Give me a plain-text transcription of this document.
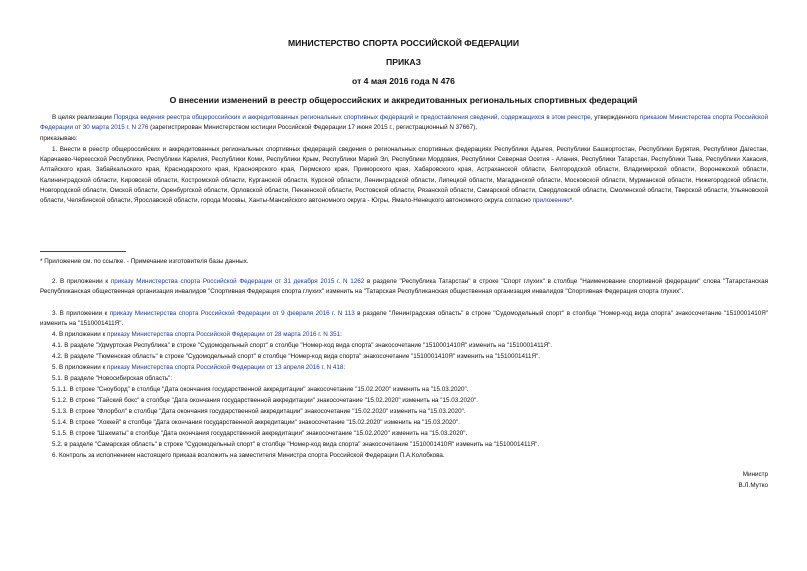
МИНИСТЕРСТВО СПОРТА РОССИЙСКОЙ ФЕДЕРАЦИИ
ПРИКАЗ
от 4 мая 2016 года N 476
О внесении изменений в реестр общероссийских и аккредитованных региональных спортивных федераций
В целях реализации Порядка ведения реестра общероссийских и аккредитованных региональных спортивных федераций и предоставления сведений, содержащихся в этом реестре, утвержденного приказом Министерства спорта Российской Федерации от 30 марта 2015 г. N 276 (зарегистрирован Министерством юстиции Российской Федерации 17 июня 2015 г., регистрационный N 37667),
приказываю:
1. Внести в реестр общероссийских и аккредитованных региональных спортивных федераций сведения о региональных спортивных федерациях Республики Адыгея, Республики Башкортостан, Республики Бурятия, Республики Дагестан, Карачаево-Черкесской Республики, Республики Карелия, Республики Коми, Республики Крым, Республики Марий Эл, Республики Мордовия, Республики Северная Осетия - Алания, Республики Татарстан, Республики Тыва, Республики Хакасия, Алтайского края, Забайкальского края, Краснодарского края, Красноярского края, Пермского края, Приморского края, Хабаровского края, Астраханской области, Белгородской области, Владимирской области, Воронежской области, Калининградской области, Кировской области, Костромской области, Курганской области, Курской области, Ленинградской области, Липецкой области, Магаданской области, Московской области, Мурманской области, Нижегородской области, Новгородской области, Омской области, Оренбургской области, Орловской области, Пензенской области, Ростовской области, Рязанской области, Самарской области, Свердловской области, Смоленской области, Тверской области, Ульяновской области, Челябинской области, Ярославской области, города Москвы, Ханты-Мансийского автономного округа - Югры, Ямало-Ненецкого автономного округа согласно приложению*.
* Приложение см. по ссылке. - Примечание изготовителя базы данных.
2. В приложении к приказу Министерства спорта Российской Федерации от 31 декабря 2015 г. N 1262 в разделе "Республика Татарстан" в строке "Спорт глухих" в столбце "Наименование спортивной федерации" слова "Татарстанская Республиканская общественная организация инвалидов "Спортивная Федерация спорта глухих" изменить на "Татарская Республиканская общественная организация инвалидов "Спортивная Федерация спорта глухих".
3. В приложении к приказу Министерства спорта Российской Федерации от 9 февраля 2016 г. N 113 в разделе "Ленинградская область" в строке "Судомодельный спорт" в столбце "Номер-код вида спорта" знакосочетание "1510001410Я" изменить на "1510001411Я".
4. В приложении к приказу Министерства спорта Российской Федерации от 28 марта 2016 г. N 351:
4.1. В разделе "Удмуртская Республика" в строке "Судомодельный спорт" в столбце "Номер-код вида спорта" знакосочетание "1510001410Я" изменить на "1510001411Я".
4.2. В разделе "Тюменская область" в строке "Судомодельный спорт" в столбце "Номер-код вида спорта" знакосочетание "1510001410Я" изменить на "1510001411Я".
5. В приложении к приказу Министерства спорта Российской Федерации от 13 апреля 2016 г. N 418:
5.1. В разделе "Новосибирская область":
5.1.1. В строке "Сноуборд" в столбце "Дата окончания государственной аккредитации" знакосочетание "15.02.2020" изменить на "15.03.2020".
5.1.2. В строке "Тайский бокс" в столбце "Дата окончания государственной аккредитации" знакосочетание "15.02.2020" изменить на "15.03.2020".
5.1.3. В строке "Флорбол" в столбце "Дата окончания государственной аккредитации" знакосочетание "15.02.2020" изменить на "15.03.2020".
5.1.4. В строке "Хоккей" в столбце "Дата окончания государственной аккредитации" знакосочетание "15.02.2020" изменить на "15.03.2020".
5.1.5. В строке "Шахматы" в столбце "Дата окончания государственной аккредитации" знакосочетание "15.02.2020" изменить на "15.03.2020".
5.2. в разделе "Самарская область" в строке "Судомодельный спорт" в столбце "Номер-код вида спорта" знакосочетание "1510001410Я" изменить на "1510001411Я".
6. Контроль за исполнением настоящего приказа возложить на заместителя Министра спорта Российской Федерации П.А.Колобкова.
Министр
В.Л.Мутко
